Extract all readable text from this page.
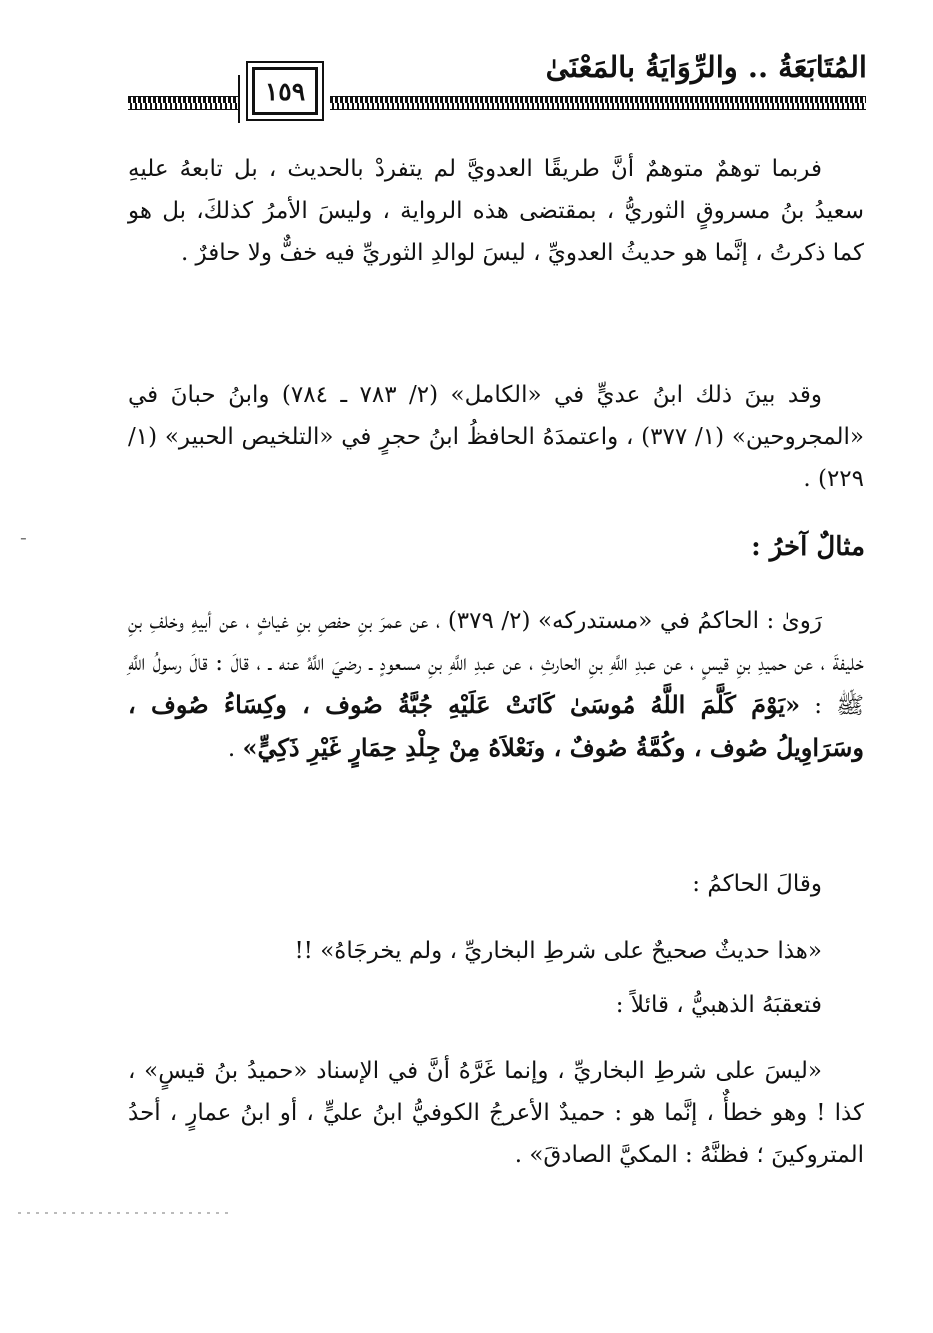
المُتَابَعَةُ .. والرِّوَايَةُ بالمَعْنَىٰ
١٥٩

فربما توهمٌ متوهمٌ أنَّ طريقًا العدويَّ لم يتفردْ بالحديث ، بل تابعهُ عليهِ سعيدُ بنُ مسروقٍ الثوريُّ ، بمقتضى هذه الرواية ، وليسَ الأمرُ كذلكَ، بل هو كما ذكرتُ ، إنَّما هو حديثُ العدويِّ ، ليسَ لوالدِ الثوريِّ فيه خفٌّ ولا حافرٌ .

وقد بينَ ذلك ابنُ عديٍّ في «الكامل» (٢/ ٧٨٣ ـ ٧٨٤) وابنُ حبانَ في «المجروحين» (١/ ٣٧٧) ، واعتمدَهُ الحافظُ ابنُ حجرٍ في «التلخيص الحبير» (١/ ٢٢٩) .

مثالٌ آخرُ :

رَوىٰ : الحاكمُ في «مستدركه» (٢/ ٣٧٩) ، عن عمرَ بنِ حفصِ بنِ غياثٍ ، عن أبيهِ وخلفِ بنِ خليفةَ ، عن حميدِ بنِ قيسٍ ، عن عبدِ اللَّهِ بنِ الحارثِ ، عن عبدِ اللَّهِ بنِ مسعودٍ ـ رضيَ اللَّهُ عنه ـ ، قالَ : قالَ رسولُ اللَّهِ ﷺ : «يَوْمَ كَلَّمَ اللَّهُ مُوسَىٰ كَانَتْ عَلَيْهِ جُبَّةُ صُوف ، وكِسَاءُ صُوف ، وسَرَاوِيلُ صُوف ، وكُمَّةُ صُوفٌ ، ونَعْلاَهُ مِنْ جِلْدِ حِمَارٍ غَيْرِ ذَكِيٍّ» .

وقالَ الحاكمُ :

«هذا حديثٌ صحيحٌ على شرطِ البخاريِّ ، ولم يخرجَاهُ» !!

فتعقبَهُ الذهبيُّ ، قائلاً :

«ليسَ على شرطِ البخاريِّ ، وإنما غَرَّهُ أنَّ في الإسناد «حميدُ بنُ قيسٍ» ، كذا ! وهو خطأٌ ، إنَّما هو : حميدٌ الأعرجُ الكوفيُّ ابنُ عليٍّ ، أو ابنُ عمارٍ ، أحدُ المتروكينَ ؛ فظنَّهُ : المكيَّ الصادقَ» .

-
